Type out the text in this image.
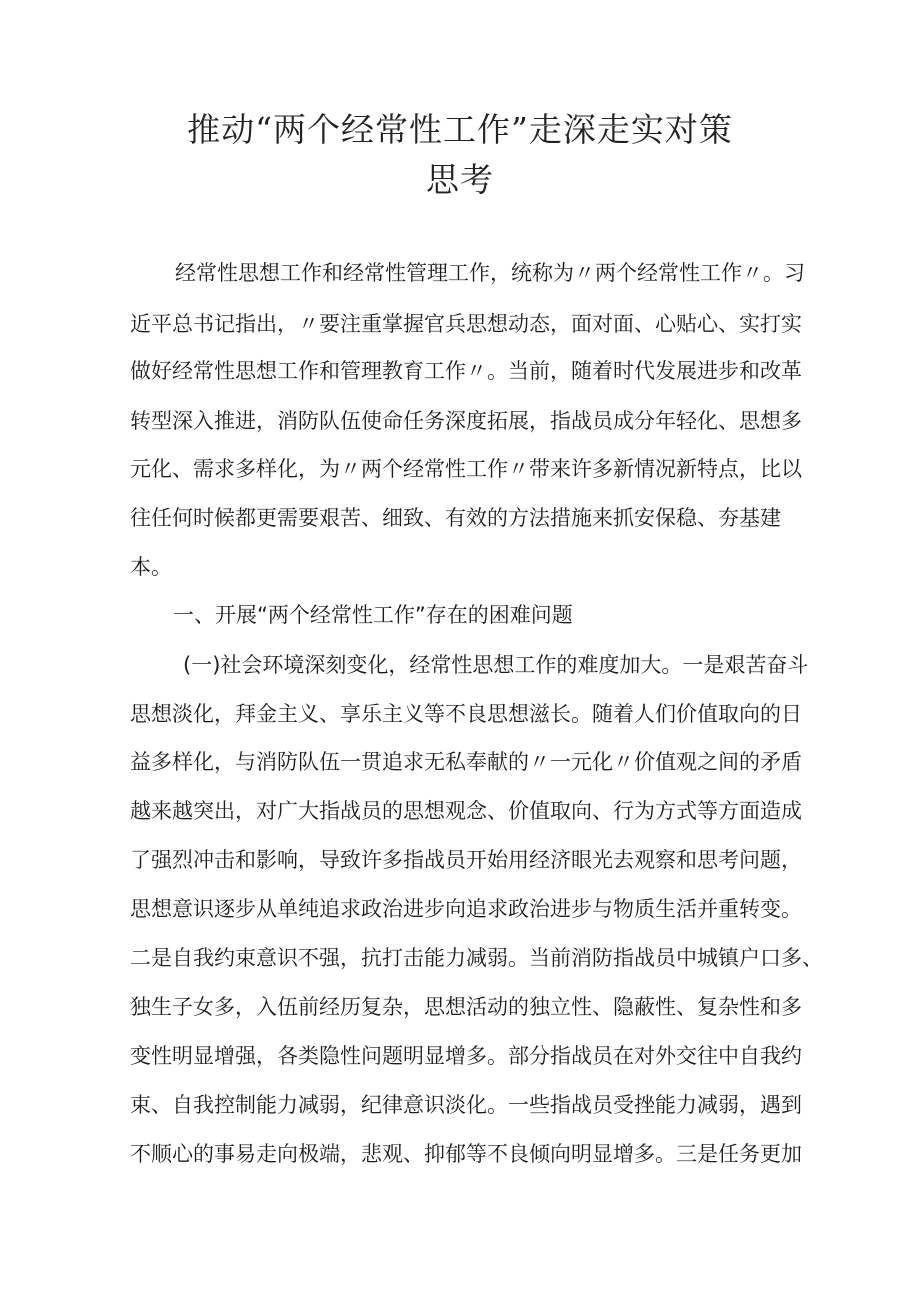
推动“两个经常性工作”走深走实对策
思考
经常性思想工作和经常性管理工作，统称为〃两个经常性工作〃。习
近平总书记指出，〃要注重掌握官兵思想动态，面对面、心贴心、实打实
做好经常性思想工作和管理教育工作〃。当前，随着时代发展进步和改革
转型深入推进，消防队伍使命任务深度拓展，指战员成分年轻化、思想多
元化、需求多样化，为〃两个经常性工作〃带来许多新情况新特点，比以
往任何时候都更需要艰苦、细致、有效的方法措施来抓安保稳、夯基建
本。
一、开展“两个经常性工作”存在的困难问题
(一)社会环境深刻变化，经常性思想工作的难度加大。一是艰苦奋斗
思想淡化，拜金主义、享乐主义等不良思想滋长。随着人们价值取向的日
益多样化，与消防队伍一贯追求无私奉献的〃一元化〃价值观之间的矛盾
越来越突出，对广大指战员的思想观念、价值取向、行为方式等方面造成
了强烈冲击和影响，导致许多指战员开始用经济眼光去观察和思考问题，
思想意识逐步从单纯追求政治进步向追求政治进步与物质生活并重转变。
二是自我约束意识不强，抗打击能力减弱。当前消防指战员中城镇户口多、
独生子女多，入伍前经历复杂，思想活动的独立性、隐蔽性、复杂性和多
变性明显增强，各类隐性问题明显增多。部分指战员在对外交往中自我约
束、自我控制能力减弱，纪律意识淡化。一些指战员受挫能力减弱，遇到
不顺心的事易走向极端，悲观、抑郁等不良倾向明显增多。三是任务更加
